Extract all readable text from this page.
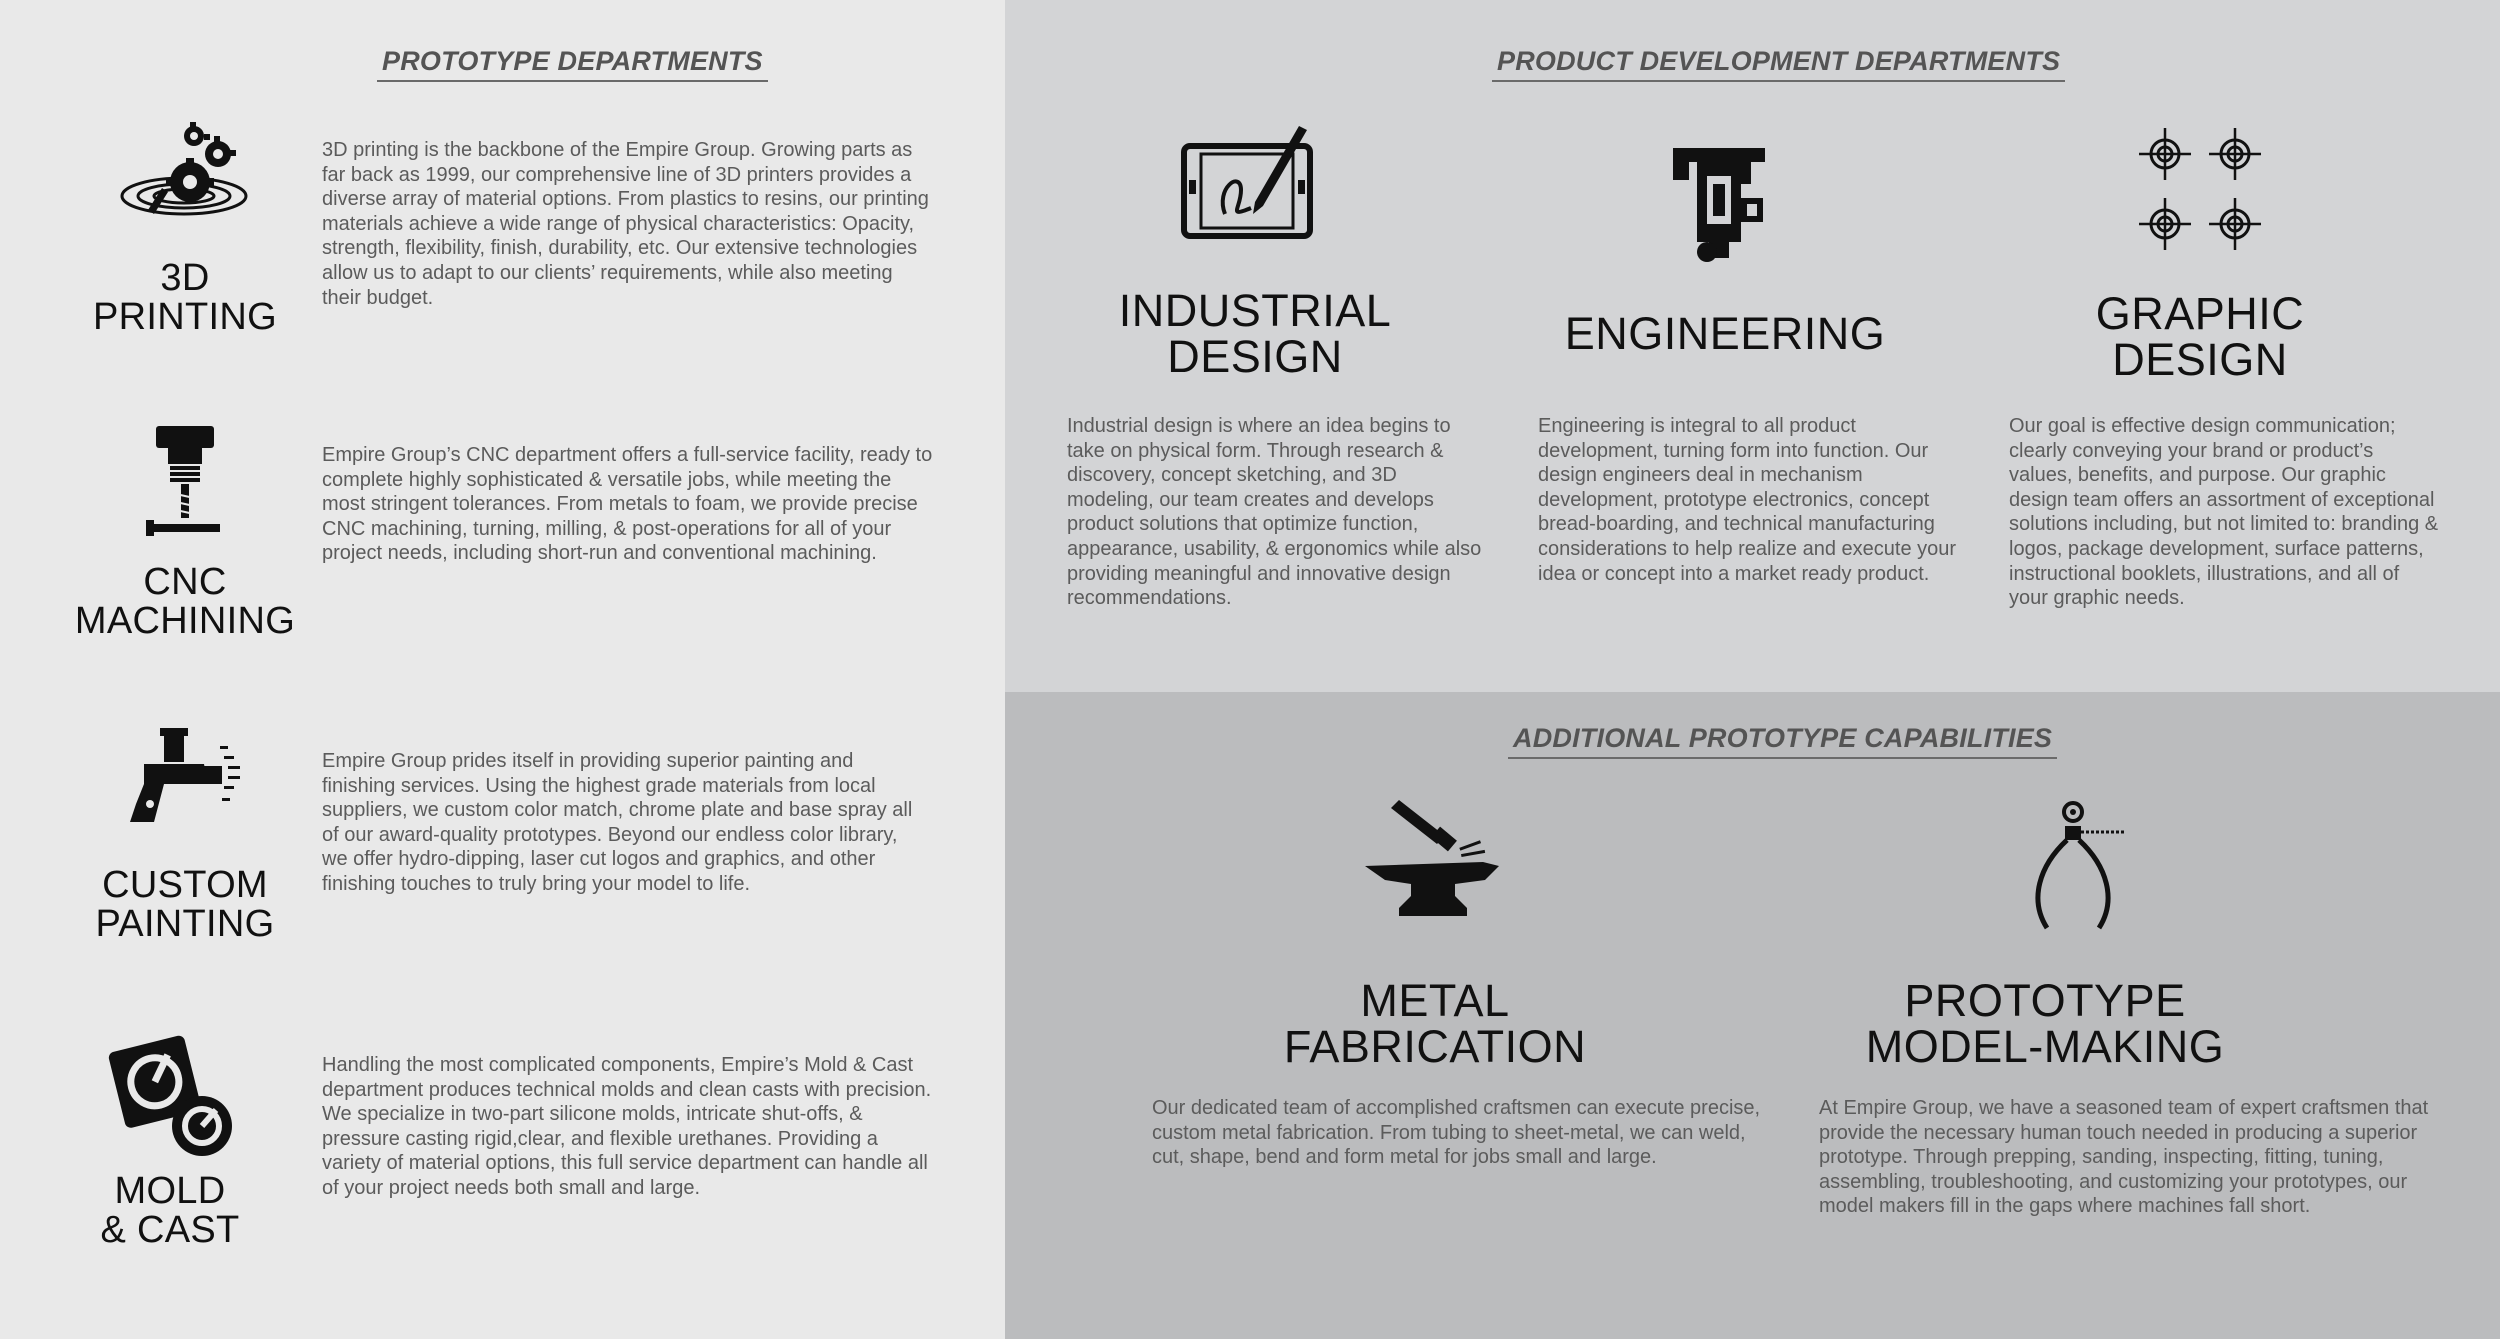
PROTOTYPE DEPARTMENTS
3D
PRINTING
3D printing is the backbone of the Empire Group. Growing parts as far back as 1999, our comprehensive line of 3D printers provides a diverse array of material options. From plastics to resins, our printing materials achieve a wide range of physical characteristics: Opacity, strength, flexibility, finish, durability, etc. Our extensive technologies allow us to adapt to our clients’ requirements, while also meeting their budget.
CNC
MACHINING
Empire Group’s CNC department offers a full-service facility, ready to complete highly sophisticated & versatile jobs, while meeting the most stringent tolerances. From metals to foam, we provide precise CNC machining, turning, milling, & post-operations for all of your project needs, including short-run and conventional machining.
CUSTOM
PAINTING
Empire Group prides itself in providing superior painting and finishing services. Using the highest grade materials from local suppliers, we custom color match, chrome plate and base spray all of our award-quality prototypes. Beyond our endless color library, we offer hydro-dipping, laser cut logos and graphics, and other finishing touches to truly bring your model to life.
MOLD
& CAST
Handling the most complicated components, Empire’s Mold & Cast department produces technical molds and clean casts with precision. We specialize in two-part silicone molds, intricate shut-offs, & pressure casting rigid,clear, and flexible urethanes. Providing a variety of material options, this full service department can handle all of your project needs both small and large.
PRODUCT DEVELOPMENT DEPARTMENTS
INDUSTRIAL
DESIGN
Industrial design is where an idea begins to take on physical form. Through research & discovery, concept sketching, and 3D modeling, our team creates and develops product solutions that optimize function, appearance, usability, & ergonomics while also providing meaningful and innovative design recommendations.
ENGINEERING
Engineering is integral to all product development, turning form into function. Our design engineers deal in mechanism development, prototype electronics, concept bread-boarding, and technical manufacturing considerations to help realize and execute your idea or concept into a market ready product.
GRAPHIC
DESIGN
Our goal is effective design communication; clearly conveying your brand or product’s values, benefits, and purpose. Our graphic design team offers an assortment of exceptional solutions including, but not limited to: branding & logos, package development, surface patterns, instructional booklets, illustrations, and all of your graphic needs.
ADDITIONAL PROTOTYPE CAPABILITIES
METAL
FABRICATION
Our dedicated team of accomplished craftsmen can execute precise, custom metal fabrication. From tubing to sheet-metal, we can weld, cut, shape, bend and form metal for jobs small and large.
PROTOTYPE
MODEL-MAKING
At Empire Group, we have a seasoned team of expert craftsmen that provide the necessary human touch needed in producing a superior prototype. Through prepping, sanding, inspecting, fitting, tuning, assembling, troubleshooting, and customizing your prototypes, our model makers fill in the gaps where machines fall short.
